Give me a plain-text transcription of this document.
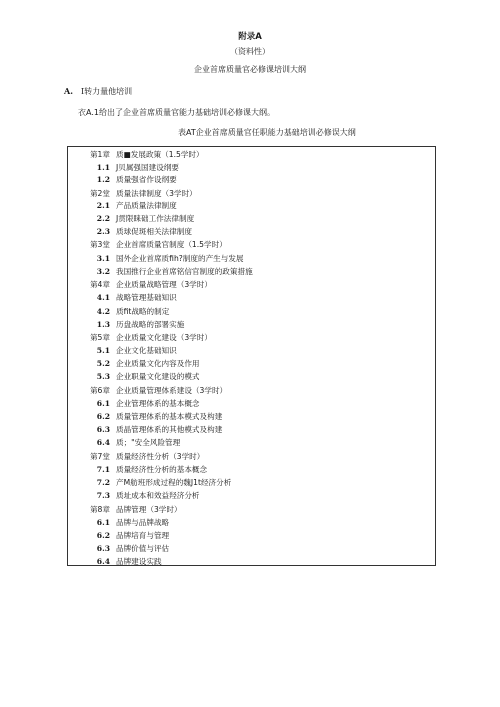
附录A
（资料性）
企业首席质量官必修课培训大纲
A. I转力量他培训
衣A.1给出了企业首席质量官能力基础培训必修课大纲。
表AT企业首席质量官任职能力基础培训必修误大纲
第1章 质■发展政策（1.5学时）
1.1 J贝属强国建设纲要
1.2 质量强省作设纲要
第2堂 质量法律制度（3学时）
2.1 产品质量法律制度
2.2 J贯限睐础工作法律制度
2.3 质球促斑相关法律制度
第3堂 企业首席质量官制度（1.5学时）
3.1 国外企业首席质fih?制度的产生与发展
3.2 我国推行企业首席铭信官制度的政策措施
第4章 企业质量战略管理（3学时）
4.1 战略管理基础知识
4.2 质fit战略的制定
1.3 历盘战略的部署实施
第5章 企业质量文化建设（3学时）
5.1 企业文化基础知识
5.2 企业质量文化内容及作用
5.3 企业职量文化建设的模式
第6章 企业质量管理体系建设（3学时）
6.1 企业管理体系的基本概念
6.2 质量管理体系的基本模式及构建
6.3 质晶管理体系的其他模式及构建
6.4 质；"安全风险管理
第7堂 质量经济性分析（3学时）
7.1 质量经济性分析的基本概念
7.2 产M舫班形成过程的魏J1t经济分析
7.3 质址成本和效益羟济分析
第8章 品牌管理（3学时）
6.1 品牌与品牌战略
6.2 品牌培育与管理
6.3 品牌价值与评估
6.4 品牌建设实践
